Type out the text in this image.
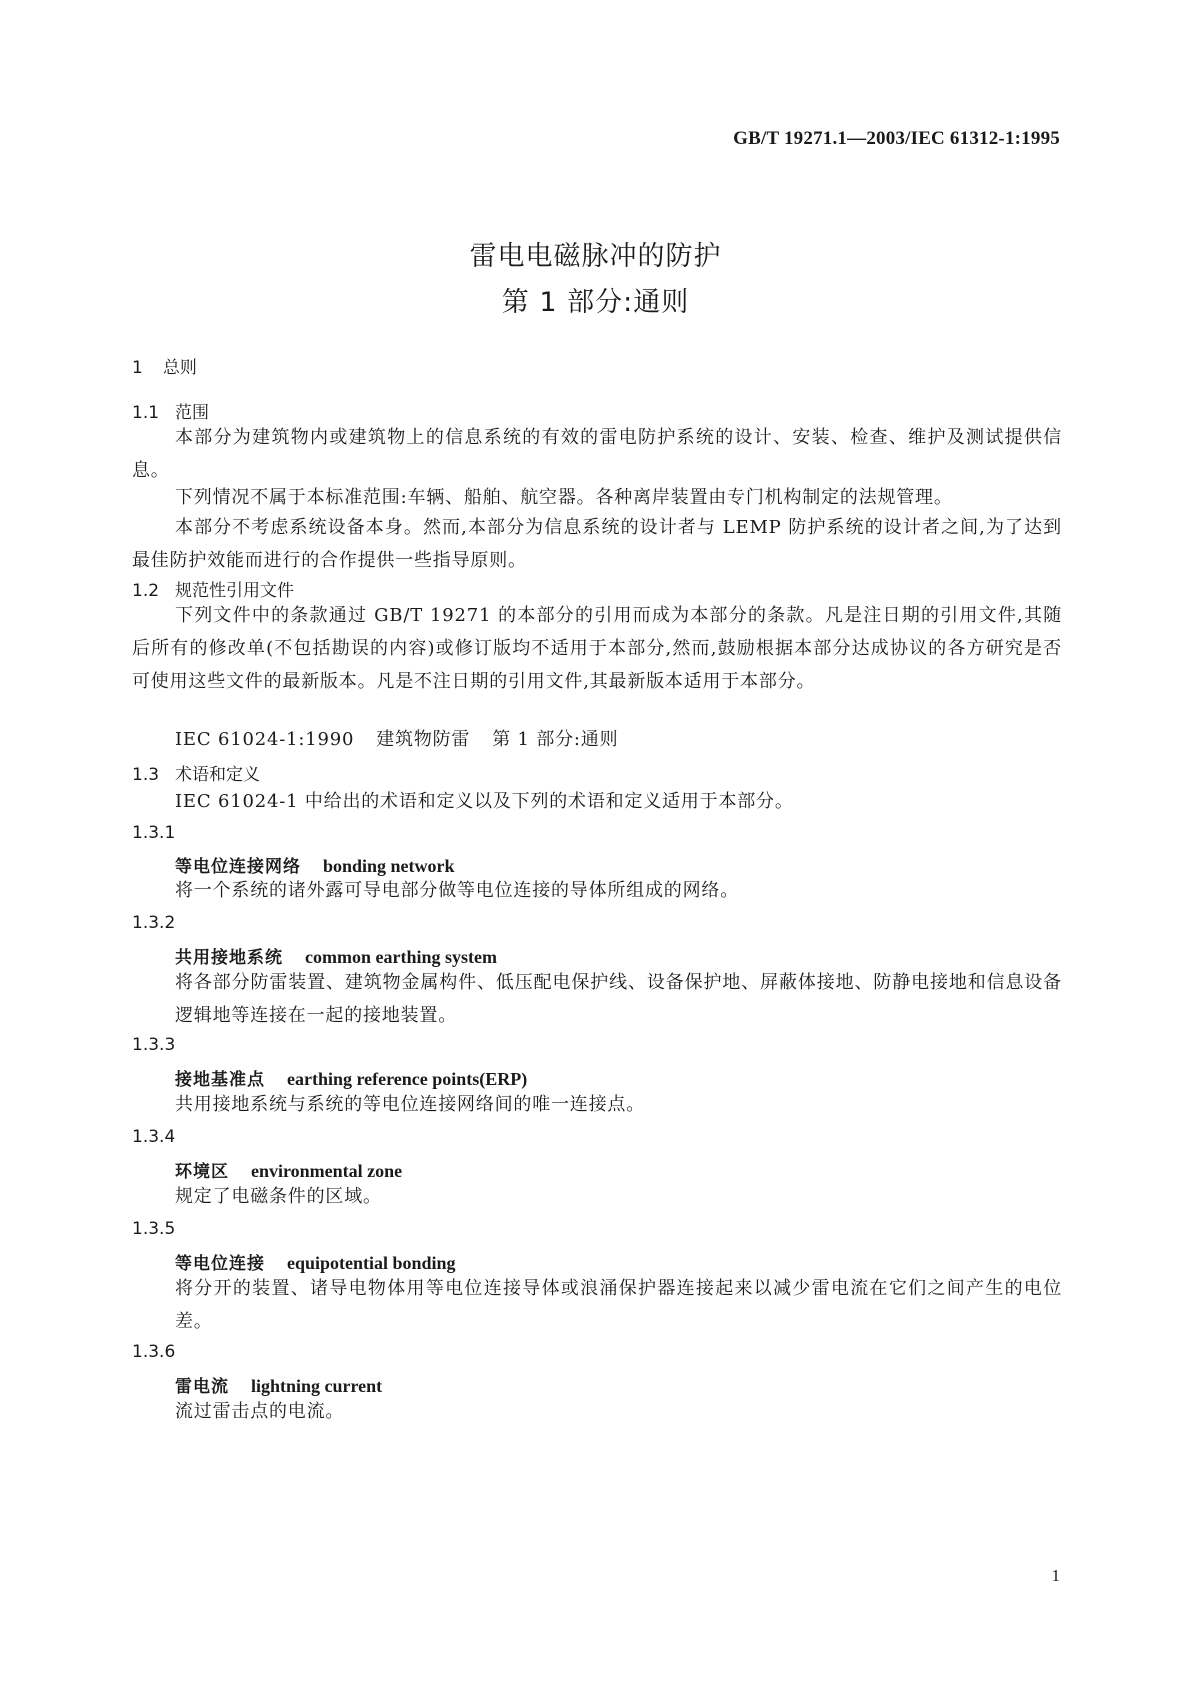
GB/T 19271.1—2003/IEC 61312-1:1995
雷电电磁脉冲的防护
第 1 部分:通则
1 总则
1.1 范围
本部分为建筑物内或建筑物上的信息系统的有效的雷电防护系统的设计、安装、检查、维护及测试提供信息。
下列情况不属于本标准范围:车辆、船舶、航空器。各种离岸装置由专门机构制定的法规管理。
本部分不考虑系统设备本身。然而,本部分为信息系统的设计者与 LEMP 防护系统的设计者之间,为了达到最佳防护效能而进行的合作提供一些指导原则。
1.2 规范性引用文件
下列文件中的条款通过 GB/T 19271 的本部分的引用而成为本部分的条款。凡是注日期的引用文件,其随后所有的修改单(不包括勘误的内容)或修订版均不适用于本部分,然而,鼓励根据本部分达成协议的各方研究是否可使用这些文件的最新版本。凡是不注日期的引用文件,其最新版本适用于本部分。
IEC 61024-1:1990 建筑物防雷 第 1 部分:通则
1.3 术语和定义
IEC 61024-1 中给出的术语和定义以及下列的术语和定义适用于本部分。
1.3.1
等电位连接网络 bonding network
将一个系统的诸外露可导电部分做等电位连接的导体所组成的网络。
1.3.2
共用接地系统 common earthing system
将各部分防雷装置、建筑物金属构件、低压配电保护线、设备保护地、屏蔽体接地、防静电接地和信息设备逻辑地等连接在一起的接地装置。
1.3.3
接地基准点 earthing reference points(ERP)
共用接地系统与系统的等电位连接网络间的唯一连接点。
1.3.4
环境区 environmental zone
规定了电磁条件的区域。
1.3.5
等电位连接 equipotential bonding
将分开的装置、诸导电物体用等电位连接导体或浪涌保护器连接起来以减少雷电流在它们之间产生的电位差。
1.3.6
雷电流 lightning current
流过雷击点的电流。
1
